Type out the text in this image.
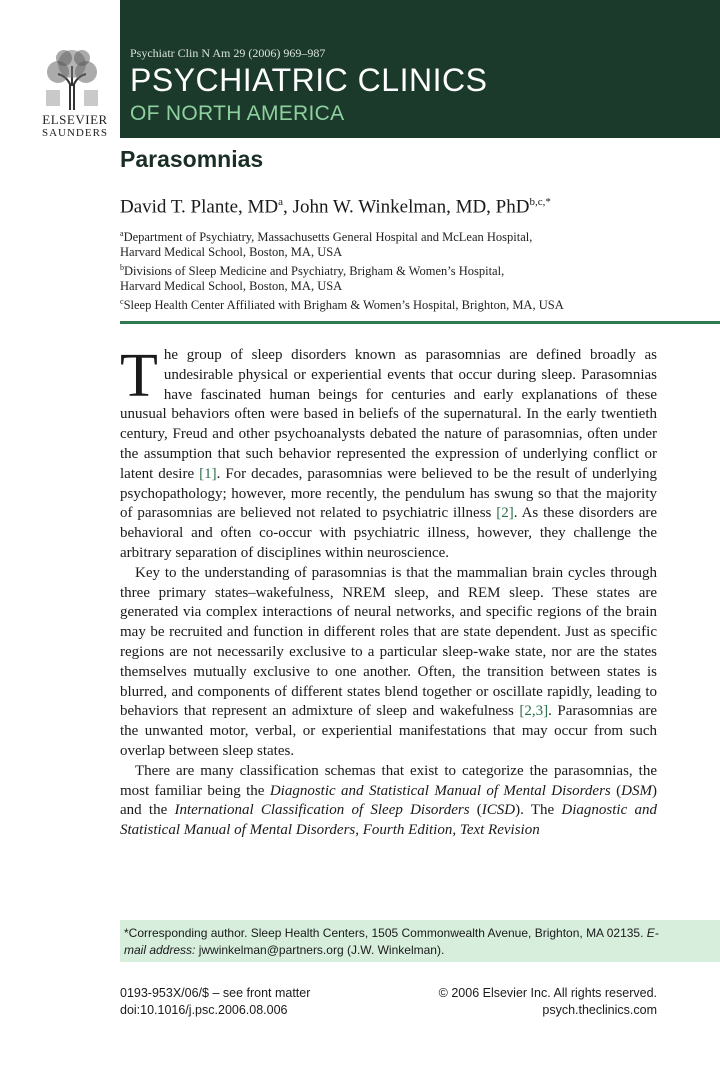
ELSEVIER
SAUNDERS
Psychiatr Clin N Am 29 (2006) 969–987
PSYCHIATRIC CLINICS
OF NORTH AMERICA
Parasomnias
David T. Plante, $MD^a$, John W. Winkelman, MD, PhD$^{b,c,*}$
$^a$Department of Psychiatry, Massachusetts General Hospital and McLean Hospital,
Harvard Medical School, Boston, MA, USA
$^b$Divisions of Sleep Medicine and Psychiatry, Brigham & Women’s Hospital,
Harvard Medical School, Boston, MA, USA
$^c$Sleep Health Center Affiliated with Brigham & Women’s Hospital, Brighton, MA, USA

The group of sleep disorders known as parasomnias are defined broadly as undesirable physical or experiential events that occur during sleep. Parasomnias have fascinated human beings for centuries and early explanations of these unusual behaviors often were based in beliefs of the supernatural. In the early twentieth century, Freud and other psychoanalysts debated the nature of parasomnias, often under the assumption that such behavior represented the expression of underlying conflict or latent desire [1]. For decades, parasomnias were believed to be the result of underlying psychopathology; however, more recently, the pendulum has swung so that the majority of parasomnias are believed not related to psychiatric illness [2]. As these disorders are behavioral and often co-occur with psychiatric illness, however, they challenge the arbitrary separation of disciplines within neuroscience.

Key to the understanding of parasomnias is that the mammalian brain cycles through three primary states–wakefulness, NREM sleep, and REM sleep. These states are generated via complex interactions of neural networks, and specific regions of the brain may be recruited and function in different roles that are state dependent. Just as specific regions are not necessarily exclusive to a particular sleep-wake state, nor are the states themselves mutually exclusive to one another. Often, the transition between states is blurred, and components of different states blend together or oscillate rapidly, leading to behaviors that represent an admixture of sleep and wakefulness [2,3]. Parasomnias are the unwanted motor, verbal, or experiential manifestations that may occur from such overlap between sleep states.

There are many classification schemas that exist to categorize the parasomnias, the most familiar being the Diagnostic and Statistical Manual of Mental Disorders (DSM) and the International Classification of Sleep Disorders (ICSD). The Diagnostic and Statistical Manual of Mental Disorders, Fourth Edition, Text Revision

*Corresponding author. Sleep Health Centers, 1505 Commonwealth Avenue, Brighton, MA 02135. E-mail address: jwwinkelman@partners.org (J.W. Winkelman).
0193-953X/06/$ – see front matter
doi:10.1016/j.psc.2006.08.006
© 2006 Elsevier Inc. All rights reserved.
psych.theclinics.com
